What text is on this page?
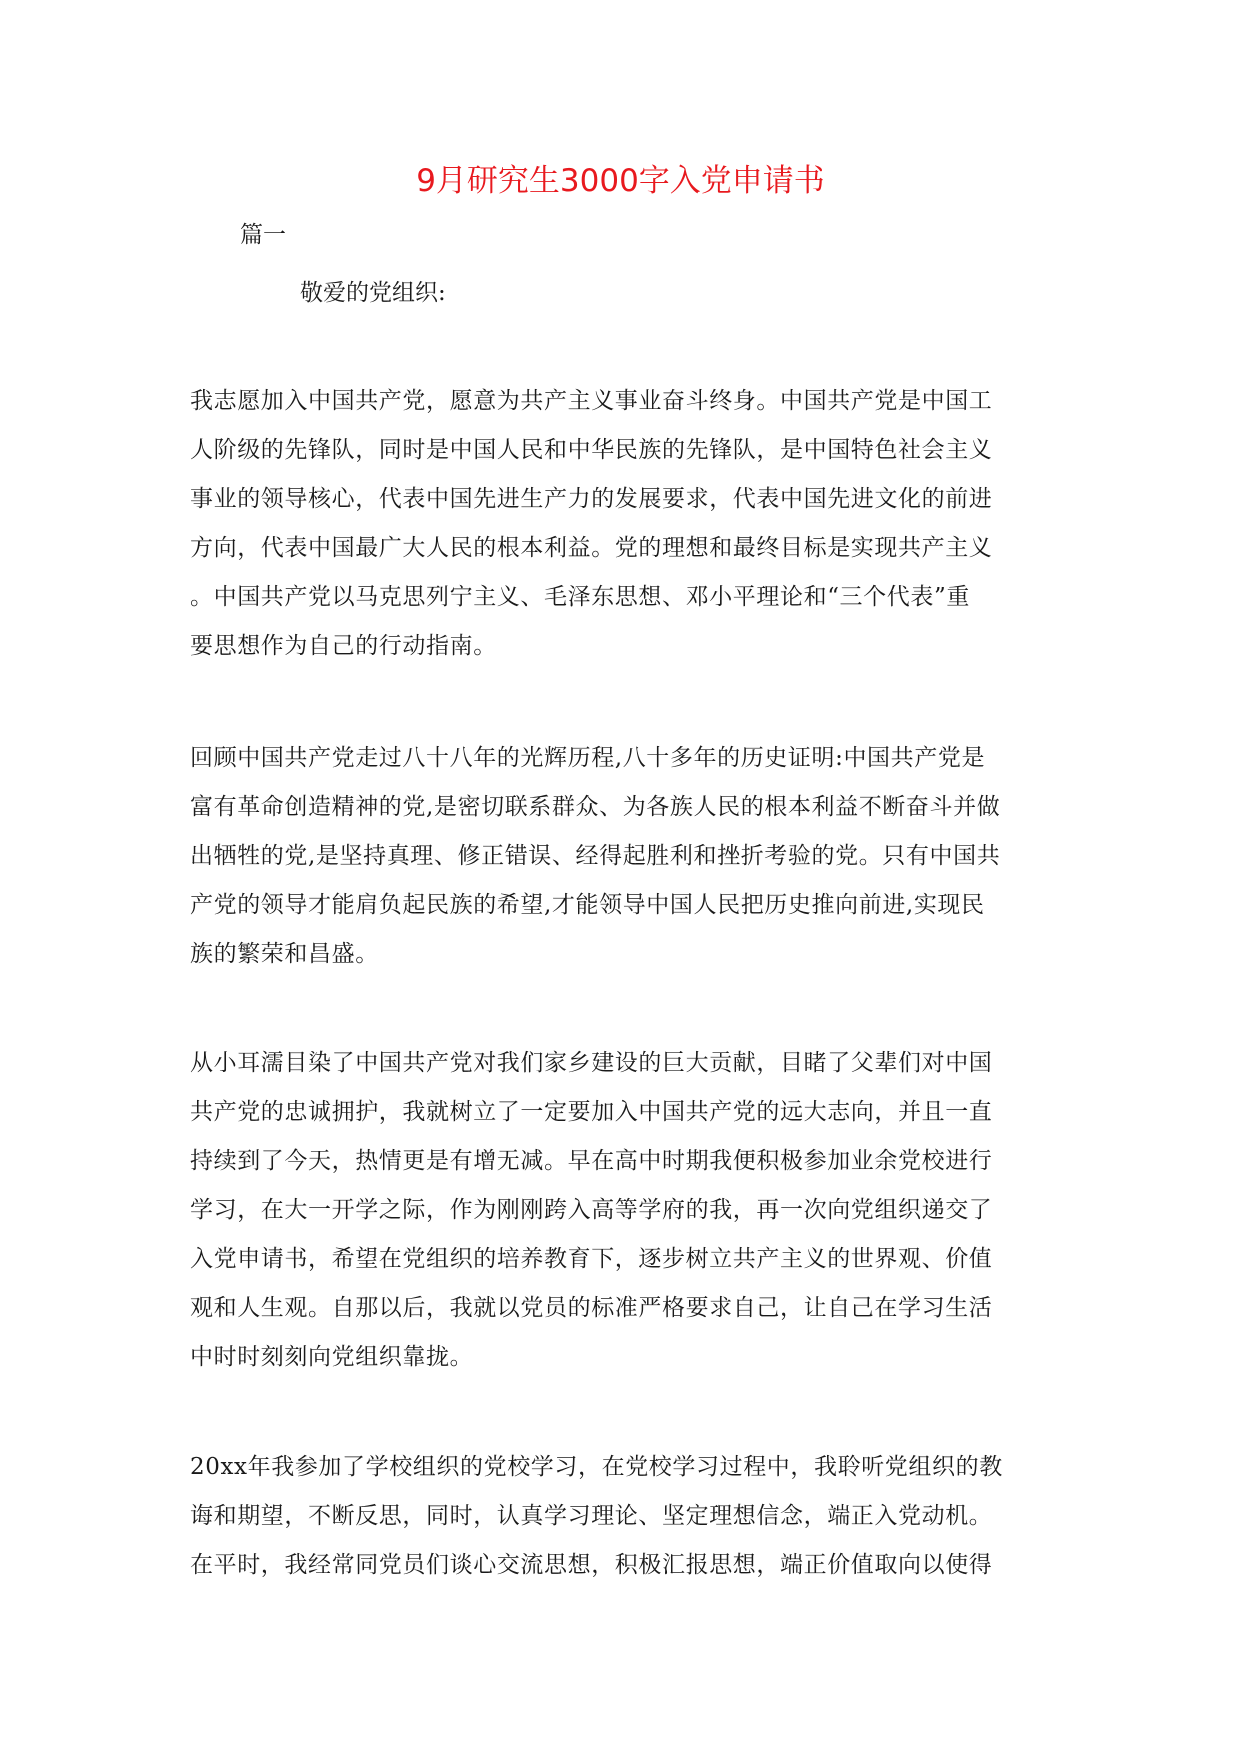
9月研究生3000字入党申请书
篇一
敬爱的党组织:

我志愿加入中国共产党，愿意为共产主义事业奋斗终身。中国共产党是中国工
人阶级的先锋队，同时是中国人民和中华民族的先锋队，是中国特色社会主义
事业的领导核心，代表中国先进生产力的发展要求，代表中国先进文化的前进
方向，代表中国最广大人民的根本利益。党的理想和最终目标是实现共产主义
。中国共产党以马克思列宁主义、毛泽东思想、邓小平理论和“三个代表”重
要思想作为自己的行动指南。

回顾中国共产党走过八十八年的光辉历程,八十多年的历史证明:中国共产党是
富有革命创造精神的党,是密切联系群众、为各族人民的根本利益不断奋斗并做
出牺牲的党,是坚持真理、修正错误、经得起胜利和挫折考验的党。只有中国共
产党的领导才能肩负起民族的希望,才能领导中国人民把历史推向前进,实现民
族的繁荣和昌盛。

从小耳濡目染了中国共产党对我们家乡建设的巨大贡献，目睹了父辈们对中国
共产党的忠诚拥护，我就树立了一定要加入中国共产党的远大志向，并且一直
持续到了今天，热情更是有增无减。早在高中时期我便积极参加业余党校进行
学习，在大一开学之际，作为刚刚跨入高等学府的我，再一次向党组织递交了
入党申请书，希望在党组织的培养教育下，逐步树立共产主义的世界观、价值
观和人生观。自那以后，我就以党员的标准严格要求自己，让自己在学习生活
中时时刻刻向党组织靠拢。

20xx年我参加了学校组织的党校学习，在党校学习过程中，我聆听党组织的教
诲和期望，不断反思，同时，认真学习理论、坚定理想信念，端正入党动机。
在平时，我经常同党员们谈心交流思想，积极汇报思想，端正价值取向以使得
